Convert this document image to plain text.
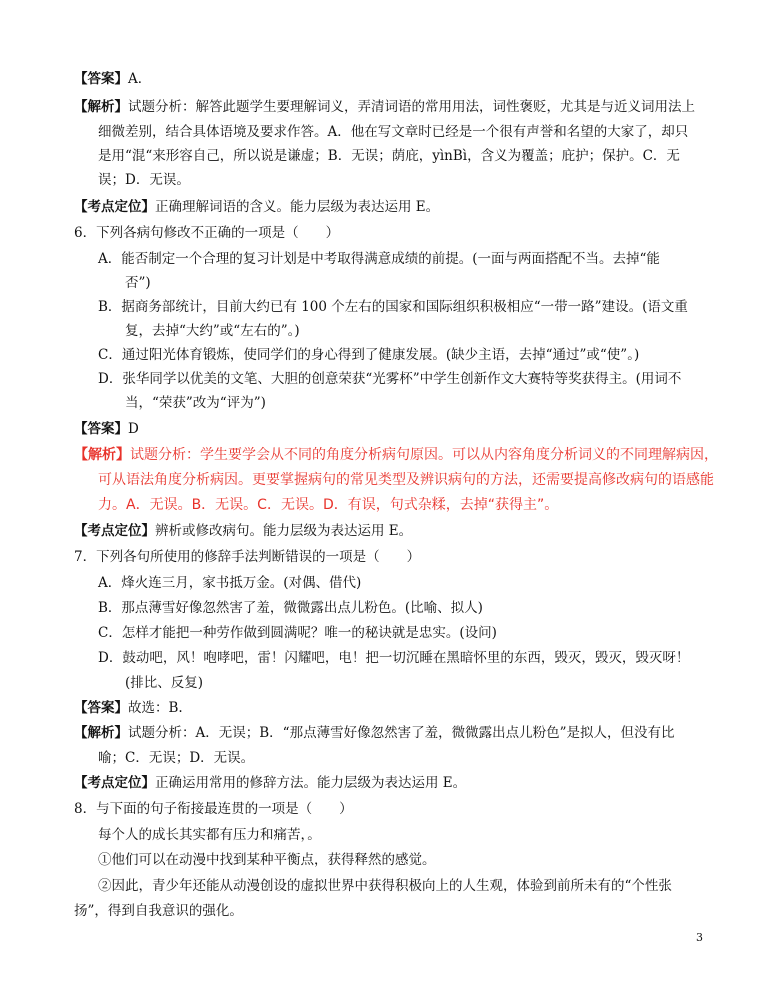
【答案】A．
【解析】试题分析：解答此题学生要理解词义，弄清词语的常用用法，词性褒贬，尤其是与近义词用法上
细微差别，结合具体语境及要求作答。A．他在写文章时已经是一个很有声誉和名望的大家了，却只
是用“混“来形容自己，所以说是谦虚；B．无误；荫庇，yìnBì，含义为覆盖；庇护；保护。C．无
误；D．无误。
【考点定位】正确理解词语的含义。能力层级为表达运用 E。
6．下列各病句修改不正确的一项是（　　）
A．能否制定一个合理的复习计划是中考取得满意成绩的前提。(一面与两面搭配不当。去掉“能
否”)
B．据商务部统计，目前大约已有 100 个左右的国家和国际组织积极相应“一带一路”建设。(语文重
复，去掉“大约”或“左右的”。)
C．通过阳光体育锻炼，使同学们的身心得到了健康发展。(缺少主语，去掉“通过”或“使”。)
D．张华同学以优美的文笔、大胆的创意荣获“光雾杯”中学生创新作文大赛特等奖获得主。(用词不
当，“荣获”改为“评为”)
【答案】D
【解析】试题分析：学生要学会从不同的角度分析病句原因。可以从内容角度分析词义的不同理解病因，
可从语法角度分析病因。更要掌握病句的常见类型及辨识病句的方法，还需要提高修改病句的语感能
力。A．无误。B．无误。C．无误。D．有误，句式杂糅，去掉“获得主”。
【考点定位】辨析或修改病句。能力层级为表达运用 E。
7．下列各句所使用的修辞手法判断错误的一项是（　　）
A．烽火连三月，家书抵万金。(对偶、借代)
B．那点薄雪好像忽然害了羞，微微露出点儿粉色。(比喻、拟人)
C．怎样才能把一种劳作做到圆满呢？唯一的秘诀就是忠实。(设问)
D．鼓动吧，风！咆哮吧，雷！闪耀吧，电！把一切沉睡在黑暗怀里的东西，毁灭，毁灭，毁灭呀！
(排比、反复)
【答案】故选：B.
【解析】试题分析：A．无误；B．“那点薄雪好像忽然害了羞，微微露出点儿粉色”是拟人，但没有比
喻；C．无误；D．无误。
【考点定位】正确运用常用的修辞方法。能力层级为表达运用 E。
8．与下面的句子衔接最连贯的一项是（　　）
每个人的成长其实都有压力和痛苦，。
①他们可以在动漫中找到某种平衡点，获得释然的感觉。
②因此，青少年还能从动漫创设的虚拟世界中获得积极向上的人生观，体验到前所未有的“个性张
扬”，得到自我意识的强化。
3
